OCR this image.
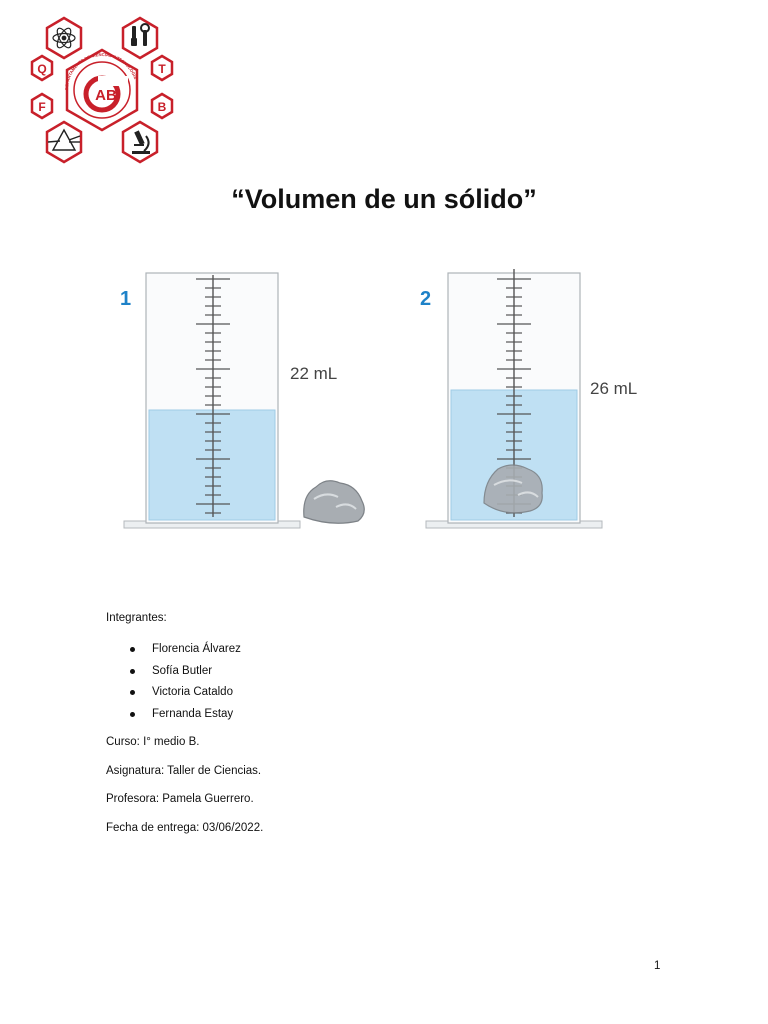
Q	T
F	B
DEPARTAMENTO DE CIENCIAS Y TECNOLOGÍA
AB
“Volumen de un sólido”
1
22 mL
2
26 mL

Integrantes:

Florencia Álvarez
Sofía Butler
Victoria Cataldo
Fernanda Estay

Curso: I° medio B.

Asignatura: Taller de Ciencias.

Profesora: Pamela Guerrero.

Fecha de entrega: 03/06/2022.

1
